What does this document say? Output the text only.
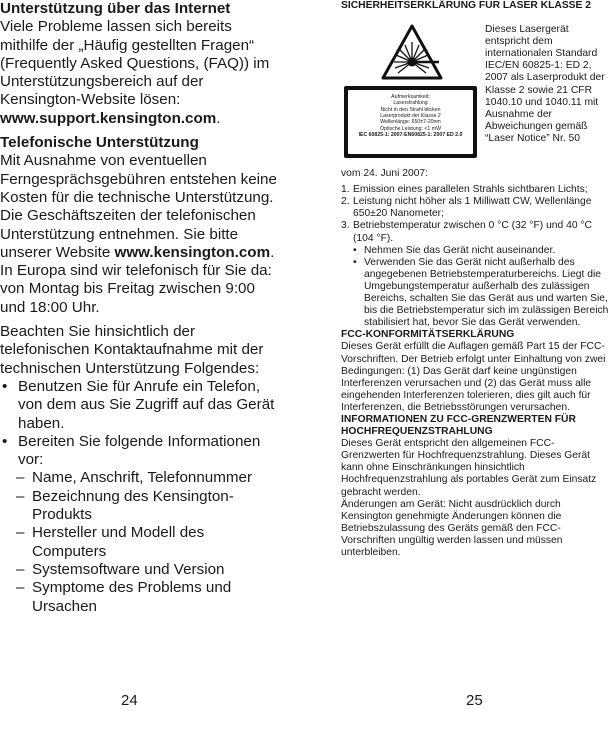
Unterstützung über das Internet

Viele Probleme lassen sich bereits mithilfe der „Häufig gestellten Fragen“ (Frequently Asked Questions, (FAQ)) im Unterstützungsbereich auf der Kensington-Website lösen: www.support.kensington.com.

Telefonische Unterstützung

Mit Ausnahme von eventuellen Ferngesprächsgebühren entstehen keine Kosten für die technische Unterstützung. Die Geschäftszeiten der telefonischen Unterstützung entnehmen. Sie bitte unserer Website www.kensington.com. In Europa sind wir telefonisch für Sie da: von Montag bis Freitag zwischen 9:00 und 18:00 Uhr.

Beachten Sie hinsichtlich der telefonischen Kontaktaufnahme mit der technischen Unterstützung Folgendes:

• Benutzen Sie für Anrufe ein Telefon, von dem aus Sie Zugriff auf das Gerät haben.

• Bereiten Sie folgende Informationen vor:

– Name, Anschrift, Telefonnummer

– Bezeichnung des Kensington-Produkts

– Hersteller und Modell des Computers

– Systemsoftware und Version

– Symptome des Problems und Ursachen

SICHERHEITSERKLÄRUNG FÜR LASER KLASSE 2

Aufmerksamkeit:
Laserstrahlung
Nicht in den Strahl blicken
Laserprodukt der Klasse 2
Wellenlänge: 650±7-20nm
Optische Leistung: <1 mW
IEC 60825-1: 2007-EN60825-1: 2007 ED 2.0

Dieses Lasergerät entspricht dem internationalen Standard IEC/EN 60825-1: ED 2, 2007 als Laserprodukt der Klasse 2 sowie 21 CFR 1040.10 und 1040.11 mit Ausnahme der Abweichungen gemäß “Laser Notice” Nr. 50

vom 24. Juni 2007:

1. Emission eines parallelen Strahls sichtbaren Lichts;

2. Leistung nicht höher als 1 Milliwatt CW, Wellenlänge 650±20 Nanometer;

3. Betriebstemperatur zwischen 0 °C (32 °F) und 40 °C (104 °F).

• Nehmen Sie das Gerät nicht auseinander.

• Verwenden Sie das Gerät nicht außerhalb des angegebenen Betriebstemperaturbereichs. Liegt die Umgebungstemperatur außerhalb des zulässigen Bereichs, schalten Sie das Gerät aus und warten Sie, bis die Betriebstemperatur sich im zulässigen Bereich stabilisiert hat, bevor Sie das Gerät verwenden.

FCC-KONFORMITÄTSERKLÄRUNG

Dieses Gerät erfüllt die Auflagen gemäß Part 15 der FCC-Vorschriften. Der Betrieb erfolgt unter Einhaltung von zwei Bedingungen: (1) Das Gerät darf keine ungünstigen Interferenzen verursachen und (2) das Gerät muss alle eingehenden Interferenzen tolerieren, dies gilt auch für Interferenzen, die Betriebsstörungen verursachen.

INFORMATIONEN ZU FCC-GRENZWERTEN FÜR HOCHFREQUENZSTRAHLUNG

Dieses Gerät entspricht den allgemeinen FCC-Grenzwerten für Hochfrequenzstrahlung. Dieses Gerät kann ohne Einschränkungen hinsichtlich Hochfrequenzstrahlung als portables Gerät zum Einsatz gebracht werden.

Änderungen am Gerät: Nicht ausdrücklich durch Kensington genehmigte Änderungen können die Betriebszulassung des Geräts gemäß den FCC-Vorschriften ungültig werden lassen und müssen unterbleiben.

24	25
